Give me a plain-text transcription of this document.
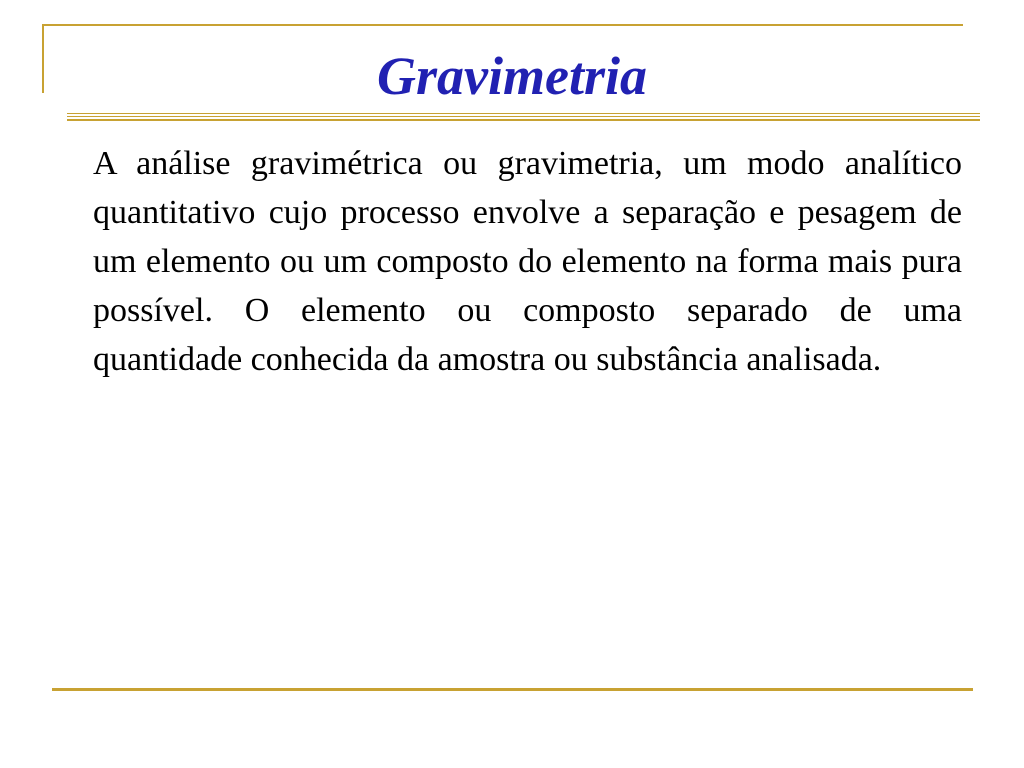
Gravimetria
A análise gravimétrica ou gravimetria, um modo analítico
quantitativo cujo processo envolve a separação e pesagem de
um elemento ou um composto do elemento na forma mais pura
possível. O elemento ou composto separado de uma
quantidade conhecida da amostra ou substância analisada.
